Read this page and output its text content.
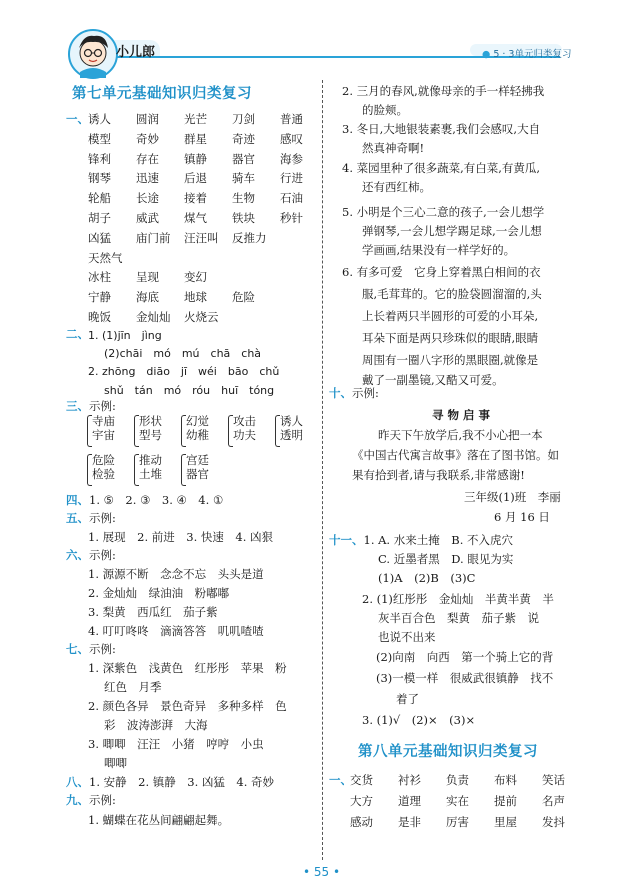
小儿郎	● 5 · 3单元归类复习
第七单元基础知识归类复习
一、 诱人 圆润 光芒 刀剑 普通
模型 奇妙 群星 奇迹 感叹
锋利 存在 镇静 器官 海参
钢琴 迅速 后退 骑车 行进
轮船 长途 接着 生物 石油
胡子 威武 煤气 铁块 秒针
凶猛 庙门前 汪汪叫 反推力
天然气
冰柱 呈现 变幻
宁静 海底 地球 危险
晚饭 金灿灿 火烧云
二、 1. (1)jīn　jìng
(2)chāi　mó　mú　chā　chà
2. zhōng　diāo　jī　wéi　bāo　chǔ
shǔ　tán　mó　róu　huī　tóng
三、示例:
寺庙
宇宙
形状
型号
幻觉
幼稚
攻击
功夫
诱人
透明
危险
检验
推动
土堆
宫廷
器官
四、1. ⑤　2. ③　3. ④　4. ①
五、示例:
1. 展现　2. 前进　3. 快速　4. 凶狠
六、示例:
1. 源源不断　念念不忘　头头是道
2. 金灿灿　绿油油　粉嘟嘟
3. 梨黄　西瓜红　茄子紫
4. 叮叮咚咚　滴滴答答　叽叽喳喳
七、示例:
1. 深紫色　浅黄色　红彤彤　苹果　粉
红色　月季
2. 颜色各异　景色奇异　多种多样　色
彩　波涛澎湃　大海
3. 唧唧　汪汪　小猪　哼哼　小虫
唧唧
八、1. 安静　2. 镇静　3. 凶猛　4. 奇妙
九、示例:
1. 蝴蝶在花丛间翩翩起舞。
2. 三月的春风,就像母亲的手一样轻拂我
的脸颊。
3. 冬日,大地银装素裹,我们会感叹,大自
然真神奇啊!
4. 菜园里种了很多蔬菜,有白菜,有黄瓜,
还有西红柿。
5. 小明是个三心二意的孩子,一会儿想学
弹钢琴,一会儿想学踢足球,一会儿想
学画画,结果没有一样学好的。
6. 有多可爱　它身上穿着黑白相间的衣
服,毛茸茸的。它的脸袋圆溜溜的,头
上长着两只半圆形的可爱的小耳朵,
耳朵下面是两只珍珠似的眼睛,眼睛
周围有一圈八字形的黑眼圈,就像是
戴了一副墨镜,又酷又可爱。
十、示例:
寻 物 启 事
昨天下午放学后,我不小心把一本
《中国古代寓言故事》落在了图书馆。如
果有拾到者,请与我联系,非常感谢!
三年级(1)班　李丽
6 月 16 日
十一、1. A. 水来土掩　B. 不入虎穴
C. 近墨者黑　D. 眼见为实
(1)A　(2)B　(3)C
2. (1)红彤彤　金灿灿　半黄半黄　半
灰半百合色　梨黄　茄子紫　说
也说不出来
(2)向南　向西　第一个骑上它的背
(3)一模一样　很威武很镇静　找不
着了
3. (1)√　(2)×　(3)×
第八单元基础知识归类复习
一、
交货 衬衫 负责 布料 笑话
大方 道理 实在 提前 名声
感动 是非 厉害 里屋 发抖
• 55 •
